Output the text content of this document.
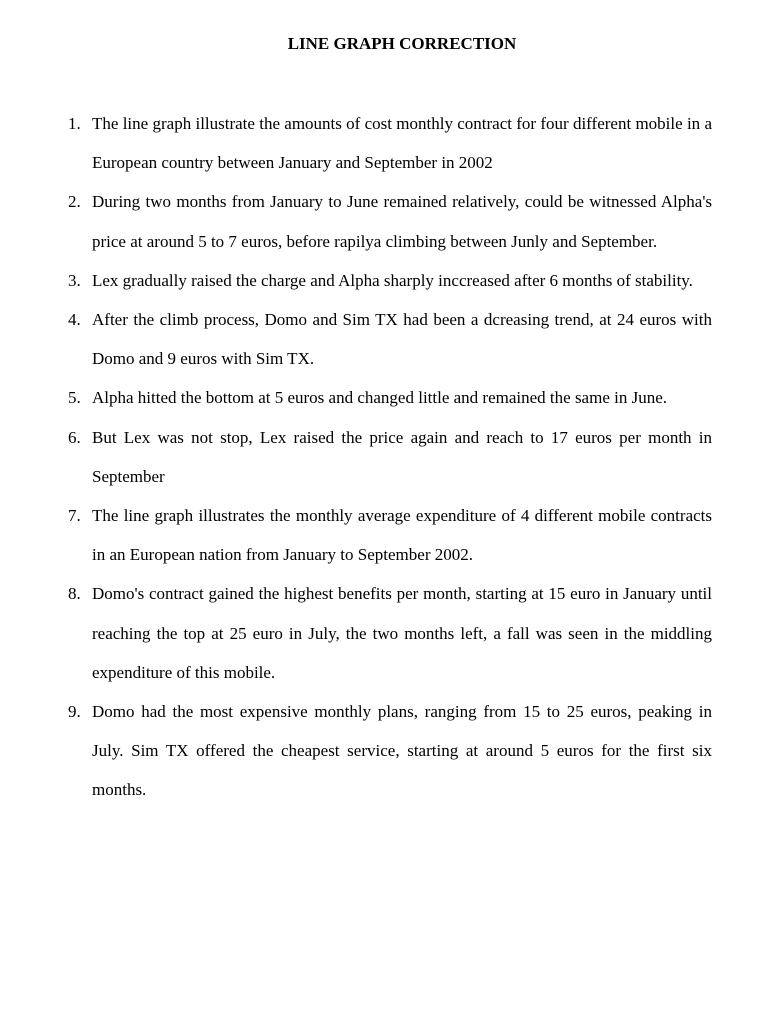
LINE GRAPH CORRECTION
1. The line graph illustrate the amounts of cost monthly contract for four different mobile in a European country between January and September in 2002
2. During two months from January to June remained relatively, could be witnessed Alpha's price at around 5 to 7 euros, before rapilya climbing between Junly and September.
3. Lex gradually raised the charge and Alpha sharply inccreased after 6 months of stability.
4. After the climb process, Domo and Sim TX had been a dcreasing trend, at 24 euros with Domo and 9 euros with Sim TX.
5. Alpha hitted the bottom at 5 euros and changed little and remained the same in June.
6. But Lex was not stop, Lex raised the price again and reach to 17 euros per month in September
7. The line graph illustrates the monthly average expenditure of 4 different mobile contracts in an European nation from January to September 2002.
8. Domo's contract gained the highest benefits per month, starting at 15 euro in January until reaching the top at 25 euro in July, the two months left, a fall was seen in the middling expenditure of this mobile.
9. Domo had the most expensive monthly plans, ranging from 15 to 25 euros, peaking in July. Sim TX offered the cheapest service, starting at around 5 euros for the first six months.
